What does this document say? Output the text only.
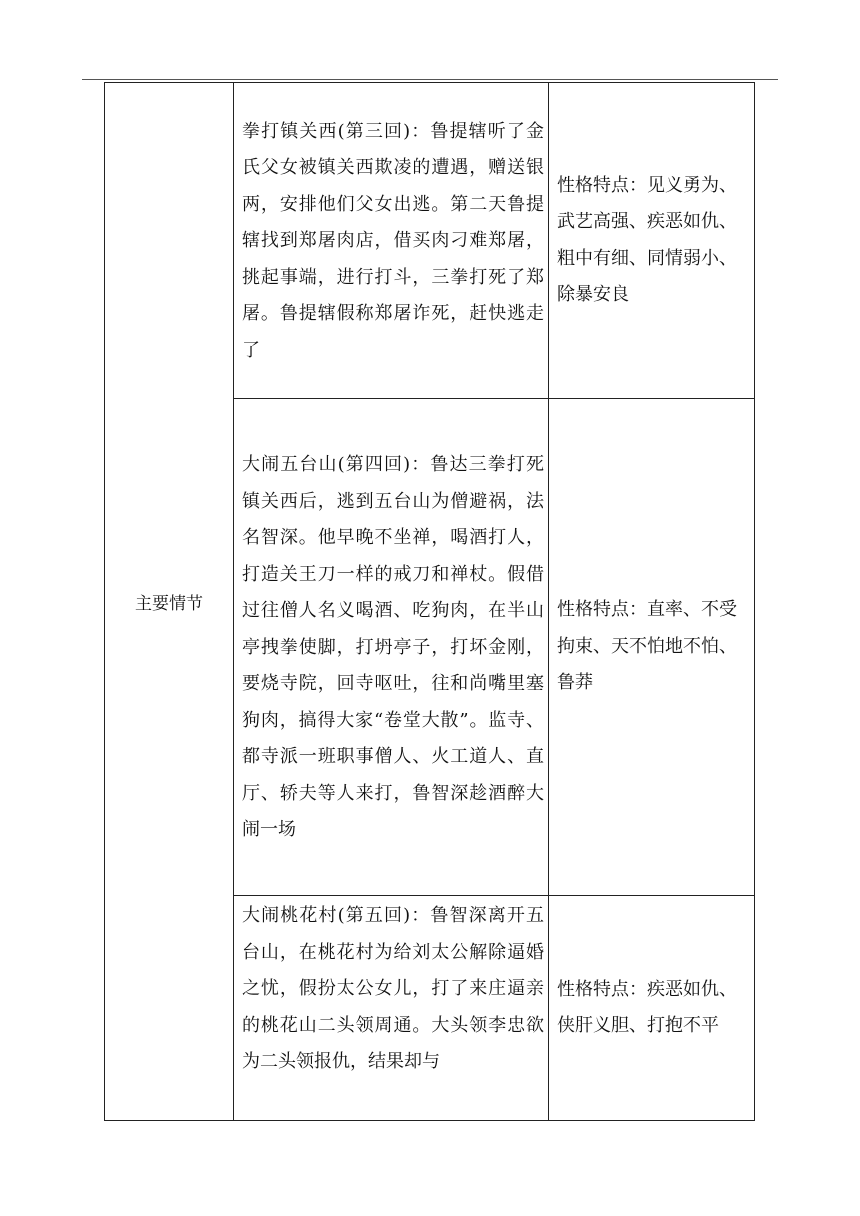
主要情节	拳打镇关西(第三回)：鲁提辖听了金氏父女被镇关西欺凌的遭遇，赠送银两，安排他们父女出逃。第二天鲁提辖找到郑屠肉店，借买肉刁难郑屠，挑起事端，进行打斗，三拳打死了郑屠。鲁提辖假称郑屠诈死，赶快逃走了	性格特点：见义勇为、武艺高强、疾恶如仇、粗中有细、同情弱小、除暴安良

	大闹五台山(第四回)：鲁达三拳打死镇关西后，逃到五台山为僧避祸，法名智深。他早晚不坐禅，喝酒打人，打造关王刀一样的戒刀和禅杖。假借过往僧人名义喝酒、吃狗肉，在半山亭拽拳使脚，打坍亭子，打坏金刚，要烧寺院，回寺呕吐，往和尚嘴里塞狗肉，搞得大家“卷堂大散”。监寺、都寺派一班职事僧人、火工道人、直厅、轿夫等人来打，鲁智深趁酒醉大闹一场	性格特点：直率、不受拘束、天不怕地不怕、鲁莽

	大闹桃花村(第五回)：鲁智深离开五台山，在桃花村为给刘太公解除逼婚之忧，假扮太公女儿，打了来庄逼亲的桃花山二头领周通。大头领李忠欲为二头领报仇，结果却与	性格特点：疾恶如仇、侠肝义胆、打抱不平
